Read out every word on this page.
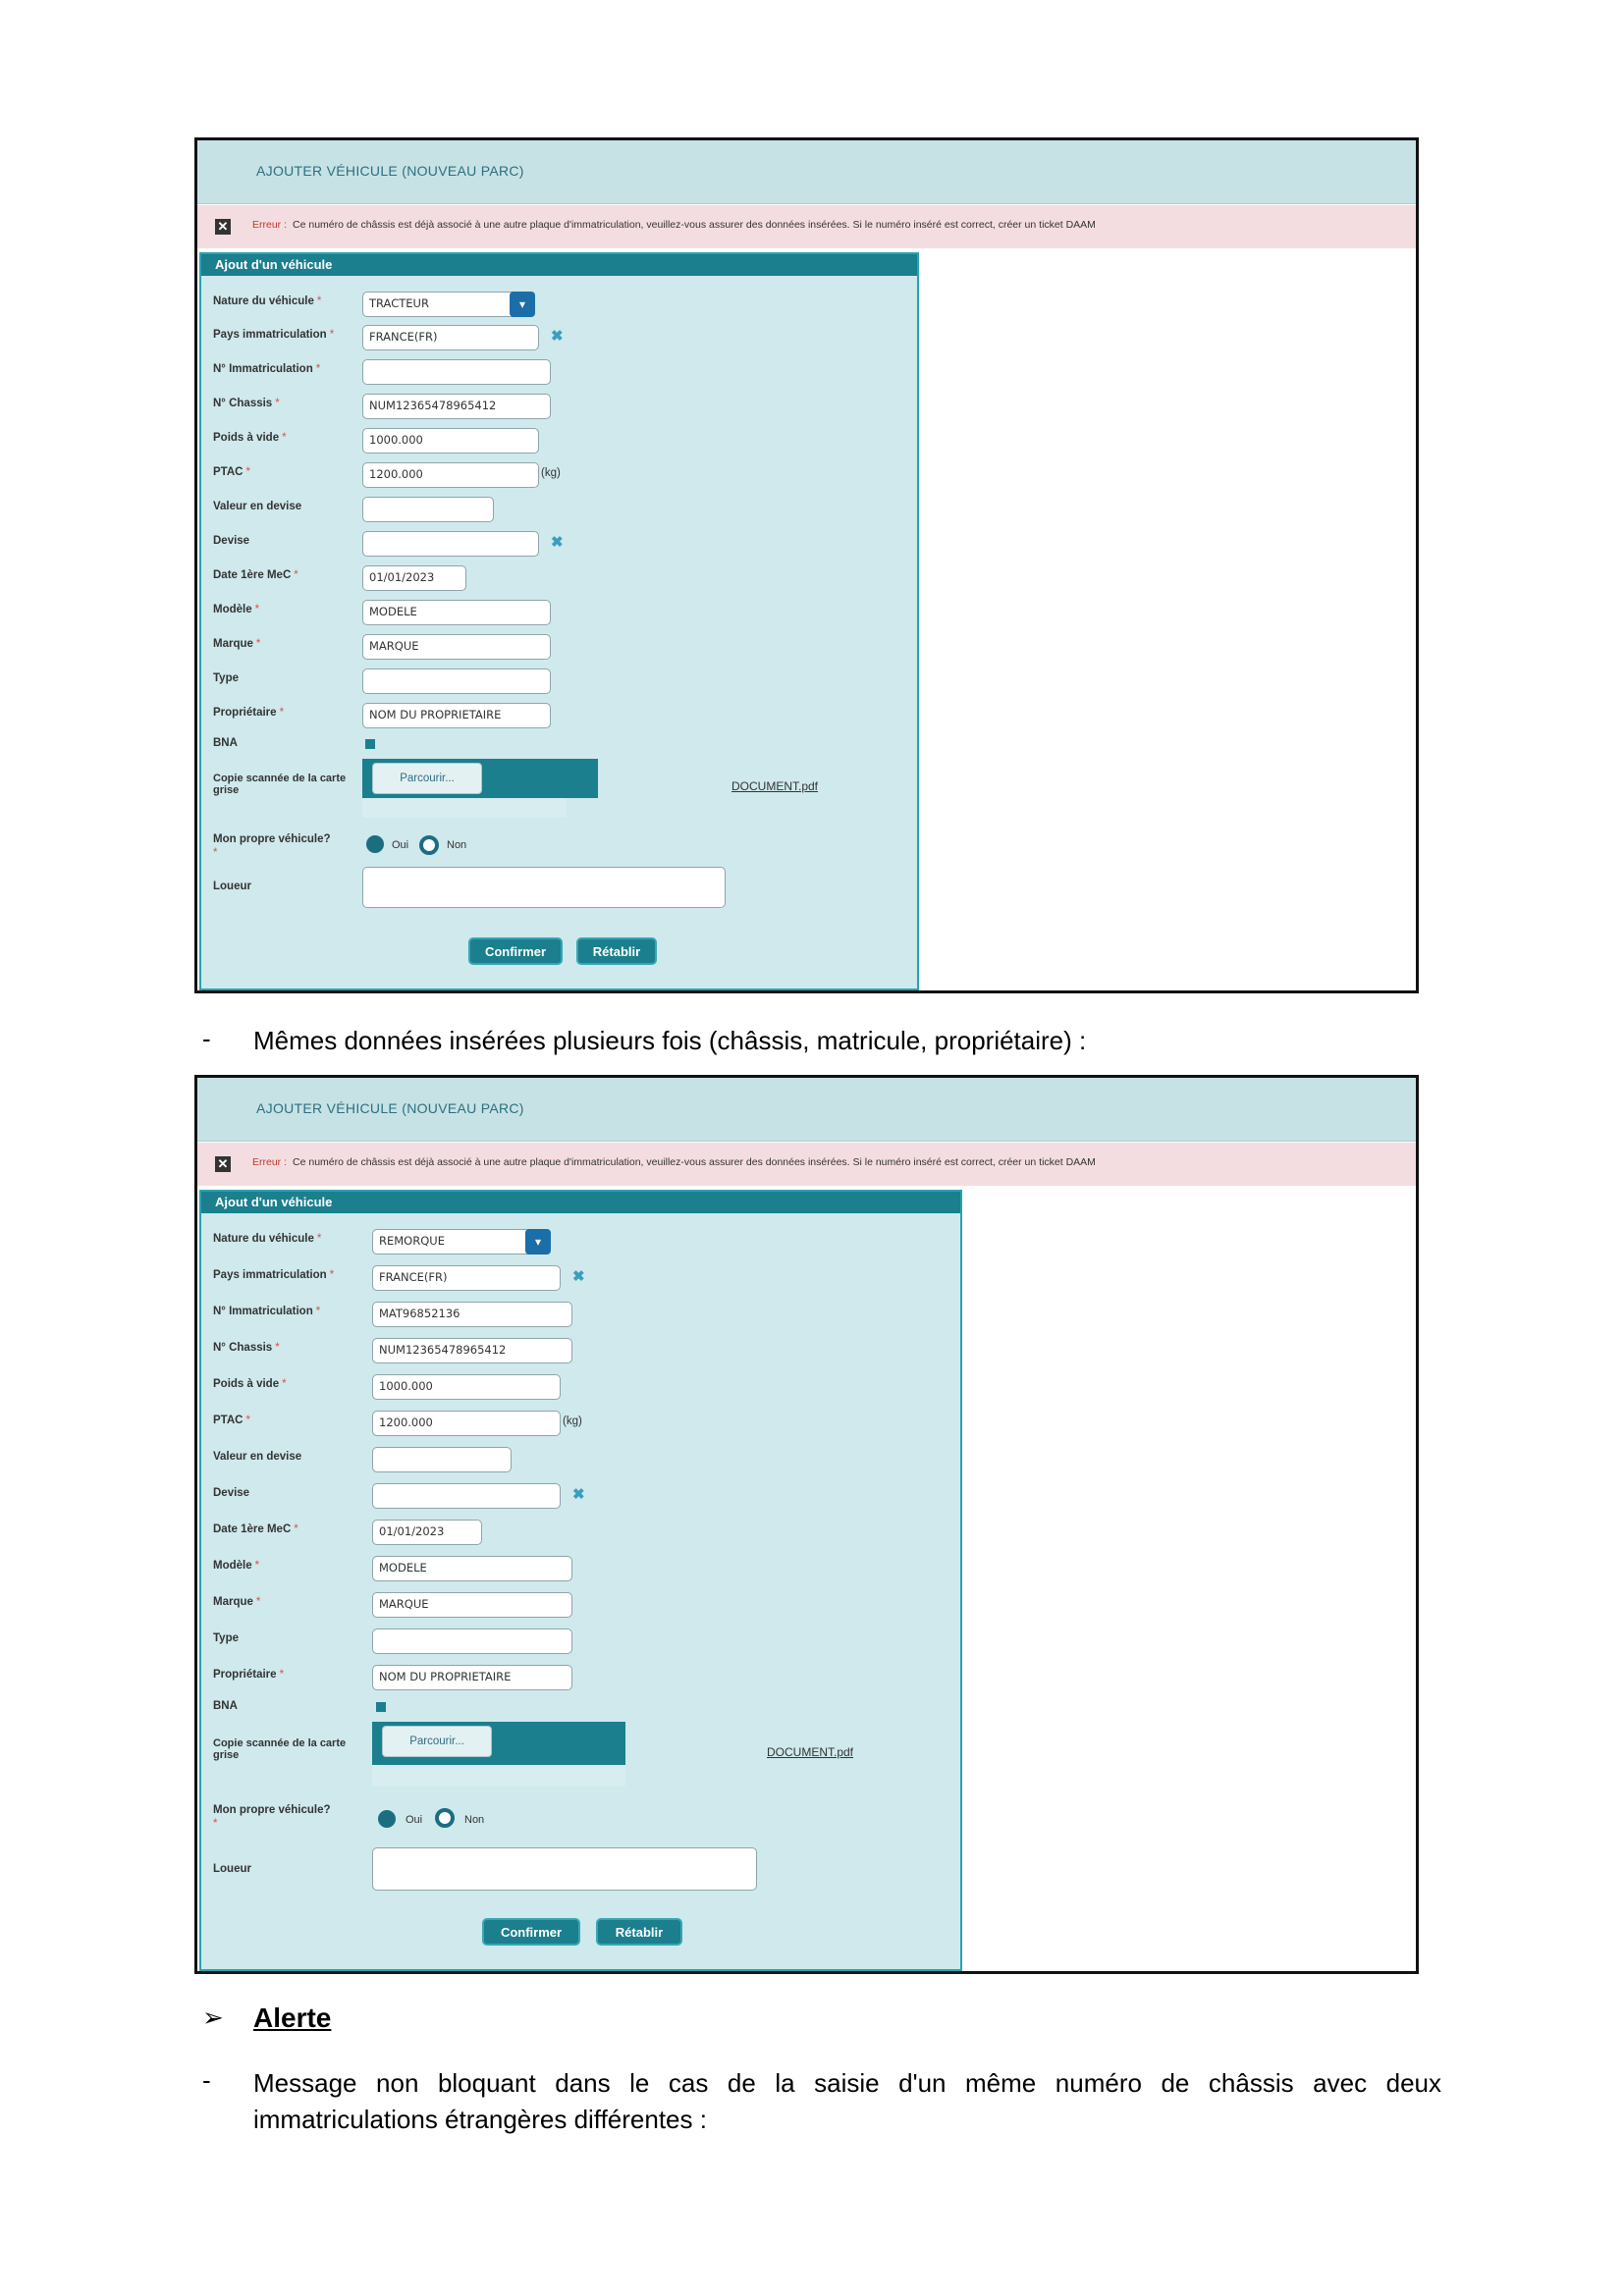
AJOUTER VÉHICULE (NOUVEAU PARC)
✕ Erreur : Ce numéro de châssis est déjà associé à une autre plaque d'immatriculation, veuillez-vous assurer des données insérées. Si le numéro inséré est correct, créer un ticket DAAM
Ajout d'un véhicule
Nature du véhicule *	TRACTEUR	▾
Pays immatriculation *	FRANCE(FR)	✖
N° Immatriculation *
N° Chassis *	NUM12365478965412
Poids à vide *	1000.000
PTAC *	1200.000	(kg)
Valeur en devise
Devise	✖
Date 1ère MeC *	01/01/2023
Modèle *	MODELE
Marque *	MARQUE
Type
Propriétaire *	NOM DU PROPRIETAIRE
BNA
Copie scannée de la carte grise
Parcourir...
DOCUMENT.pdf
Mon propre véhicule?
*
Oui	Non
Loueur
Confirmer	Rétablir
- Mêmes données insérées plusieurs fois (châssis, matricule, propriétaire) :
AJOUTER VÉHICULE (NOUVEAU PARC)
✕ Erreur : Ce numéro de châssis est déjà associé à une autre plaque d'immatriculation, veuillez-vous assurer des données insérées. Si le numéro inséré est correct, créer un ticket DAAM
Ajout d'un véhicule
Nature du véhicule *	REMORQUE	▾
Pays immatriculation *	FRANCE(FR)	✖
N° Immatriculation *	MAT96852136
N° Chassis *	NUM12365478965412
Poids à vide *	1000.000
PTAC *	1200.000	(kg)
Valeur en devise
Devise	✖
Date 1ère MeC *	01/01/2023
Modèle *	MODELE
Marque *	MARQUE
Type
Propriétaire *	NOM DU PROPRIETAIRE
BNA
Copie scannée de la carte grise
Parcourir...
DOCUMENT.pdf
Mon propre véhicule?
*	Oui	Non
Loueur
Confirmer	Rétablir
➢ Alerte
- Message non bloquant dans le cas de la saisie d'un même numéro de châssis avec deux immatriculations étrangères différentes :
